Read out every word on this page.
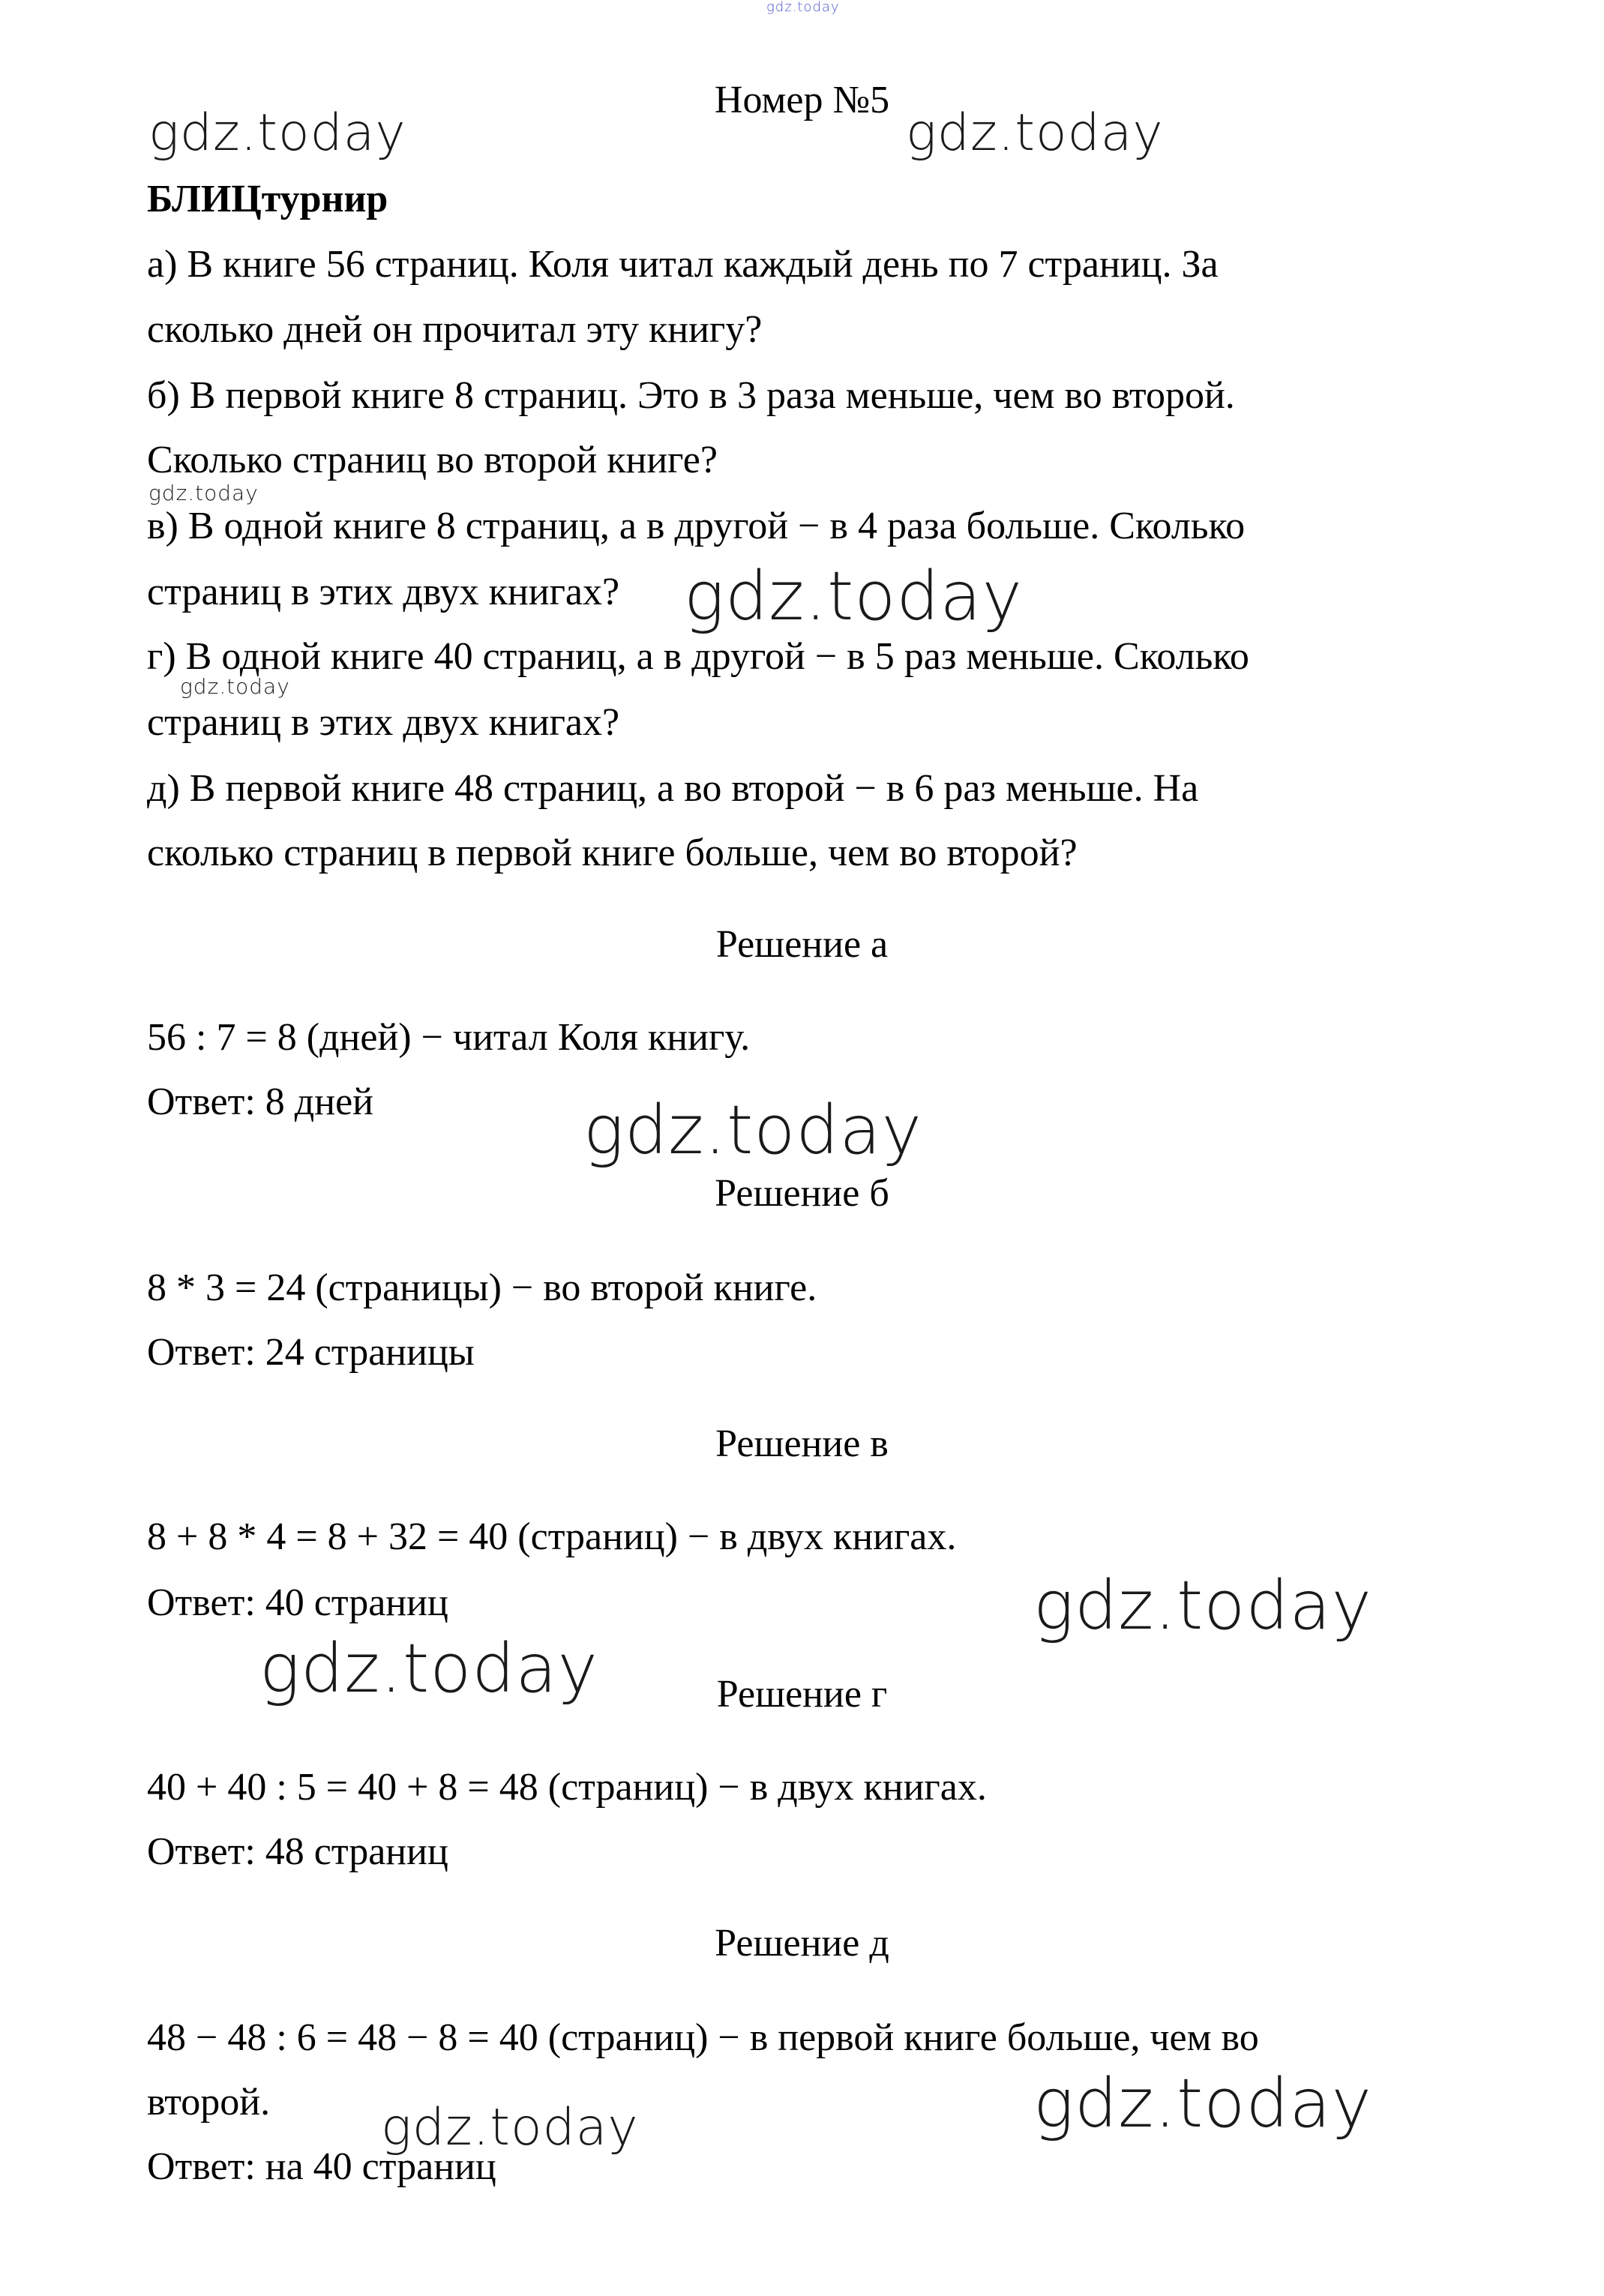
Номер №5
БЛИЦтурнир
а) В книге 56 страниц. Коля читал каждый день по 7 страниц. За
сколько дней он прочитал эту книгу?
б) В первой книге 8 страниц. Это в 3 раза меньше, чем во второй.
Сколько страниц во второй книге?
в) В одной книге 8 страниц, а в другой − в 4 раза больше. Сколько
страниц в этих двух книгах?
г) В одной книге 40 страниц, а в другой − в 5 раз меньше. Сколько
страниц в этих двух книгах?
д) В первой книге 48 страниц, а во второй − в 6 раз меньше. На
сколько страниц в первой книге больше, чем во второй?
Решение а
56 : 7 = 8 (дней) − читал Коля книгу.
Ответ: 8 дней
Решение б
8 * 3 = 24 (страницы) − во второй книге.
Ответ: 24 страницы
Решение в
8 + 8 * 4 = 8 + 32 = 40 (страниц) − в двух книгах.
Ответ: 40 страниц
Решение г
40 + 40 : 5 = 40 + 8 = 48 (страниц) − в двух книгах.
Ответ: 48 страниц
Решение д
48 − 48 : 6 = 48 − 8 = 40 (страниц) − в первой книге больше, чем во
второй.
Ответ: на 40 страниц
gdz.today
gdz.today	gdz.today
gdz.today
gdz.today
gdz.today
gdz.today
gdz.today
gdz.today
gdz.today	gdz.today
